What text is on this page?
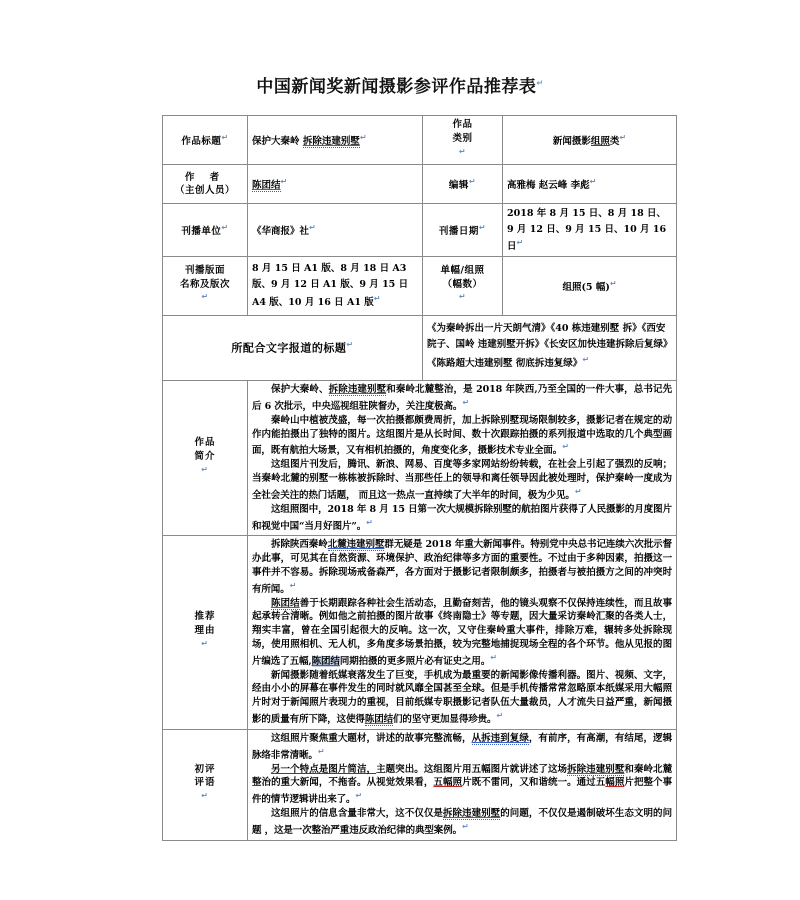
中国新闻奖新闻摄影参评作品推荐表↵
作品标题↵	保护大秦岭 拆除违建别墅↵	作品
类别
↵	新闻摄影组照类↵

作 者
（主创人员）	陈团结↵	编辑↵	高雅梅 赵云峰 李彪↵
刊播单位↵	《华商报》社↵	刊播日期↵	2018 年 8 月 15 日、8 月 18 日、9 月 12 日、9 月 15 日、10 月 16 日↵

刊播版面
名称及版次
↵	8 月 15 日 A1 版、8 月 18 日 A3 版、9 月 12 日 A1 版、9 月 15 日 A4 版、10 月 16 日 A1 版↵	单幅/组照
（幅数）
↵	组照(5 幅)↵
所配合文字报道的标题↵		《为秦岭拆出一片天朗气清》《40 栋违建别墅 拆》《西安院子、国岭 违建别墅开拆》《长安区加快违建拆除后复绿》《陈路超大违建别墅 彻底拆违复绿》↵

作品
简介
↵	

保护大秦岭、拆除违建别墅和秦岭北麓整治，是 2018 年陕西,乃至全国的一件大事，总书记先后 6 次批示，中央巡视组驻陕督办，关注度极高。↵

秦岭山中植被茂盛，每一次拍摄都颇费周折，加上拆除别墅现场限制较多，摄影记者在规定的动作内能拍摄出了独特的图片。这组图片是从长时间、数十次跟踪拍摄的系列报道中选取的几个典型画面，既有航拍大场景，又有相机拍摄的，角度变化多，摄影技术专业全面。↵

这组图片刊发后，腾讯、新浪、网易、百度等多家网站纷纷转载，在社会上引起了强烈的反响；当秦岭北麓的别墅一栋栋被拆除时、当那些任上的领导和离任领导因此被处理时，保护秦岭一度成为全社会关注的热门话题， 而且这一热点一直持续了大半年的时间，极为少见。↵

这组照图中，2018 年 8 月 15 日第一次大规模拆除别墅的航拍图片获得了人民摄影的月度图片和视觉中国“当月好图片”。↵

推荐
理由
↵	

拆除陕西秦岭北麓违建别墅群无疑是 2018 年重大新闻事件。特别党中央总书记连续六次批示督办此事，可见其在自然资源、环境保护、政治纪律等多方面的重要性。不过由于多种因素，拍摄这一事件并不容易。拆除现场戒备森严，各方面对于摄影记者限制颇多，拍摄者与被拍摄方之间的冲突时有所闻。↵

陈团结善于长期跟踪各种社会生活动态，且勤奋刻苦，他的镜头观察不仅保持连续性，而且故事起承转合清晰。例如他之前拍摄的图片故事《终南隐士》等专题，因大量采访秦岭汇聚的各类人士，翔实丰富，曾在全国引起很大的反响。这一次，又守住秦岭重大事件，排除万难，辗转多处拆除现场，使用照相机、无人机，多角度多场景拍摄，较为完整地捕捉现场全程的各个环节。他从见报的图片编选了五幅,陈团结同期拍摄的更多照片必有证史之用。↵

新闻摄影随着纸媒衰落发生了巨变，手机成为最重要的新闻影像传播利器。图片、视频、文字，经由小小的屏幕在事件发生的同时就风靡全国甚至全球。但是手机传播常常忽略原本纸媒采用大幅照片时对于新闻照片表现力的重视，目前纸媒专职摄影记者队伍大量裁员，人才流失日益严重，新闻摄影的质量有所下降，这使得陈团结们的坚守更加显得珍贵。↵

初评
评语
↵	

这组照片聚焦重大题材，讲述的故事完整流畅，从拆违到复绿，有前序，有高潮，有结尾，逻辑脉络非常清晰。↵

另一个特点是图片简洁，主题突出。这组图片用五幅图片就讲述了这场拆除违建别墅和秦岭北麓整治的重大新闻，不拖沓。从视觉效果看，五幅照片既不雷同，又和谐统一。通过五幅照片把整个事件的情节逻辑讲出来了。↵

这组照片的信息含量非常大，这不仅仅是拆除违建别墅的问题，不仅仅是遏制破坏生态文明的问题 ，这是一次整治严重违反政治纪律的典型案例。↵
